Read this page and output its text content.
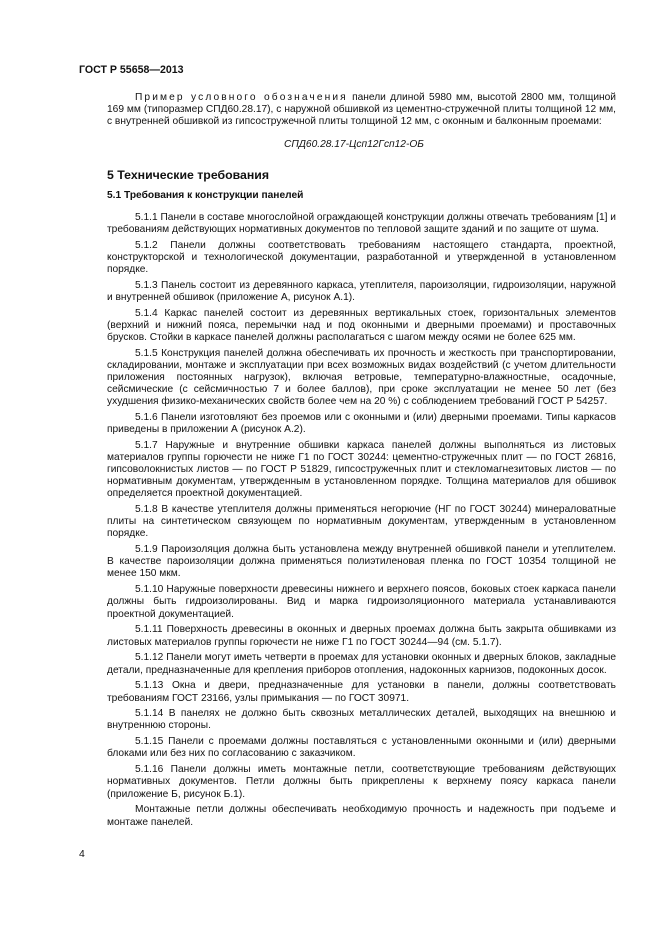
ГОСТ Р 55658—2013

Пример условного обозначения панели длиной 5980 мм, высотой 2800 мм, толщиной 169 мм (типоразмер СПД60.28.17), с наружной обшивкой из цементно-стружечной плиты толщиной 12 мм, с внутренней обшивкой из гипсостружечной плиты толщиной 12 мм, с оконным и балконным проемами:

СПД60.28.17-Цсп12Гсп12-ОБ

5 Технические требования
5.1 Требования к конструкции панелей

5.1.1 Панели в составе многослойной ограждающей конструкции должны отвечать требованиям [1] и требованиям действующих нормативных документов по тепловой защите зданий и по защите от шума.

5.1.2 Панели должны соответствовать требованиям настоящего стандарта, проектной, конструкторской и технологической документации, разработанной и утвержденной в установленном порядке.

5.1.3 Панель состоит из деревянного каркаса, утеплителя, пароизоляции, гидроизоляции, наружной и внутренней обшивок (приложение А, рисунок А.1).

5.1.4 Каркас панелей состоит из деревянных вертикальных стоек, горизонтальных элементов (верхний и нижний пояса, перемычки над и под оконными и дверными проемами) и проставочных брусков. Стойки в каркасе панелей должны располагаться с шагом между осями не более 625 мм.

5.1.5 Конструкция панелей должна обеспечивать их прочность и жесткость при транспортировании, складировании, монтаже и эксплуатации при всех возможных видах воздействий (с учетом длительности приложения постоянных нагрузок), включая ветровые, температурно-влажностные, осадочные, сейсмические (с сейсмичностью 7 и более баллов), при сроке эксплуатации не менее 50 лет (без ухудшения физико-механических свойств более чем на 20 %) с соблюдением требований ГОСТ Р 54257.

5.1.6 Панели изготовляют без проемов или с оконными и (или) дверными проемами. Типы каркасов приведены в приложении А (рисунок А.2).

5.1.7 Наружные и внутренние обшивки каркаса панелей должны выполняться из листовых материалов группы горючести не ниже Г1 по ГОСТ 30244: цементно-стружечных плит — по ГОСТ 26816, гипсоволокнистых листов — по ГОСТ Р 51829, гипсостружечных плит и стекломагнезитовых листов — по нормативным документам, утвержденным в установленном порядке. Толщина материалов для обшивок определяется проектной документацией.

5.1.8 В качестве утеплителя должны применяться негорючие (НГ по ГОСТ 30244) минераловатные плиты на синтетическом связующем по нормативным документам, утвержденным в установленном порядке.

5.1.9 Пароизоляция должна быть установлена между внутренней обшивкой панели и утеплителем. В качестве пароизоляции должна применяться полиэтиленовая пленка по ГОСТ 10354 толщиной не менее 150 мкм.

5.1.10 Наружные поверхности древесины нижнего и верхнего поясов, боковых стоек каркаса панели должны быть гидроизолированы. Вид и марка гидроизоляционного материала устанавливаются проектной документацией.

5.1.11 Поверхность древесины в оконных и дверных проемах должна быть закрыта обшивками из листовых материалов группы горючести не ниже Г1 по ГОСТ 30244—94 (см. 5.1.7).

5.1.12 Панели могут иметь четверти в проемах для установки оконных и дверных блоков, закладные детали, предназначенные для крепления приборов отопления, надоконных карнизов, подоконных досок.

5.1.13 Окна и двери, предназначенные для установки в панели, должны соответствовать требованиям ГОСТ 23166, узлы примыкания — по ГОСТ 30971.

5.1.14 В панелях не должно быть сквозных металлических деталей, выходящих на внешнюю и внутреннюю стороны.

5.1.15 Панели с проемами должны поставляться с установленными оконными и (или) дверными блоками или без них по согласованию с заказчиком.

5.1.16 Панели должны иметь монтажные петли, соответствующие требованиям действующих нормативных документов. Петли должны быть прикреплены к верхнему поясу каркаса панели (приложение Б, рисунок Б.1).

Монтажные петли должны обеспечивать необходимую прочность и надежность при подъеме и монтаже панелей.

4
